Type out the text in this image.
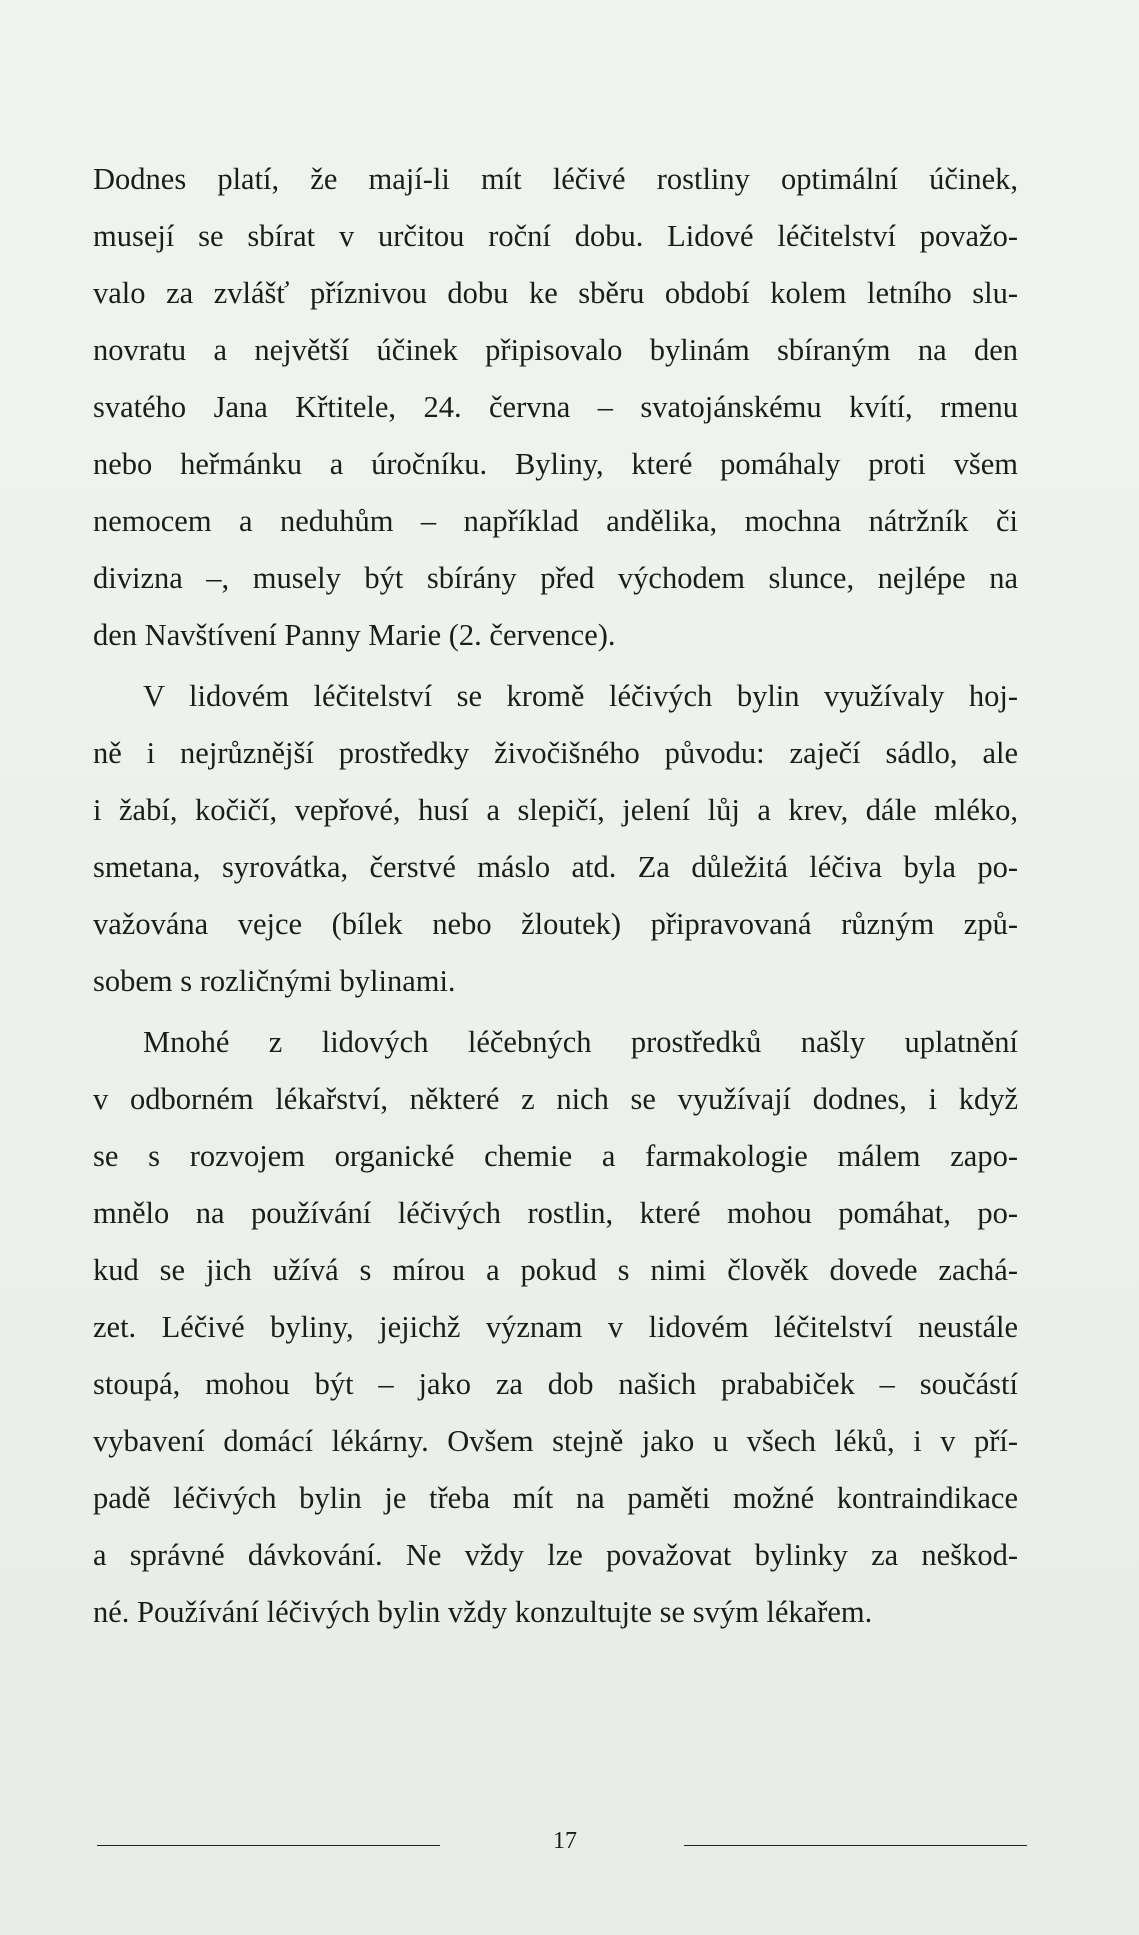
Dodnes platí, že mají-li mít léčivé rostliny optimální účinek,
musejí se sbírat v určitou roční dobu. Lidové léčitelství považo-
valo za zvlášť příznivou dobu ke sběru období kolem letního slu-
novratu a největší účinek připisovalo bylinám sbíraným na den
svatého Jana Křtitele, 24. června – svatojánskému kvítí, rmenu
nebo heřmánku a úročníku. Byliny, které pomáhaly proti všem
nemocem a neduhům – například andělika, mochna nátržník či
divizna –, musely být sbírány před východem slunce, nejlépe na
den Navštívení Panny Marie (2. července).
V lidovém léčitelství se kromě léčivých bylin využívaly hoj-
ně i nejrůznější prostředky živočišného původu: zaječí sádlo, ale
i žabí, kočičí, vepřové, husí a slepičí, jelení lůj a krev, dále mléko,
smetana, syrovátka, čerstvé máslo atd. Za důležitá léčiva byla po-
važována vejce (bílek nebo žloutek) připravovaná různým způ-
sobem s rozličnými bylinami.
Mnohé z lidových léčebných prostředků našly uplatnění
v odborném lékařství, některé z nich se využívají dodnes, i když
se s rozvojem organické chemie a farmakologie málem zapo-
mnělo na používání léčivých rostlin, které mohou pomáhat, po-
kud se jich užívá s mírou a pokud s nimi člověk dovede zachá-
zet. Léčivé byliny, jejichž význam v lidovém léčitelství neustále
stoupá, mohou být – jako za dob našich prababiček – součástí
vybavení domácí lékárny. Ovšem stejně jako u všech léků, i v pří-
padě léčivých bylin je třeba mít na paměti možné kontraindikace
a správné dávkování. Ne vždy lze považovat bylinky za neškod-
né. Používání léčivých bylin vždy konzultujte se svým lékařem.
17
